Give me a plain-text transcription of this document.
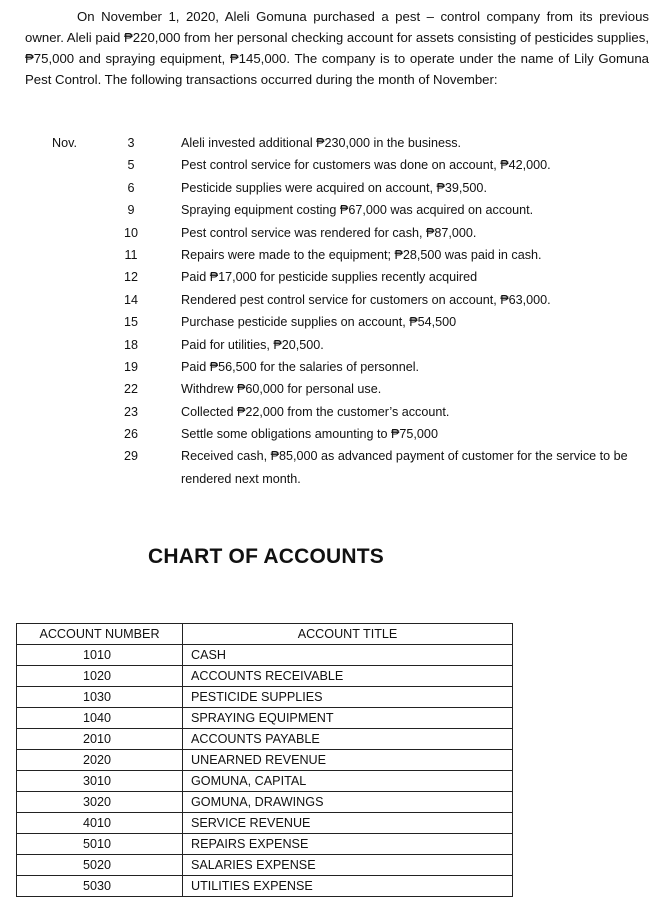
On November 1, 2020, Aleli Gomuna purchased a pest – control company from its previous owner. Aleli paid ₱220,000 from her personal checking account for assets consisting of pesticides supplies, ₱75,000 and spraying equipment, ₱145,000. The company is to operate under the name of Lily Gomuna Pest Control. The following transactions occurred during the month of November:

Nov.	3	Aleli invested additional ₱230,000 in the business.
5	Pest control service for customers was done on account, ₱42,000.
6	Pesticide supplies were acquired on account, ₱39,500.
9	Spraying equipment costing ₱67,000 was acquired on account.
10	Pest control service was rendered for cash, ₱87,000.
11	Repairs were made to the equipment; ₱28,500 was paid in cash.
12	Paid ₱17,000 for pesticide supplies recently acquired
14	Rendered pest control service for customers on account, ₱63,000.
15	Purchase pesticide supplies on account, ₱54,500
18	Paid for utilities, ₱20,500.
19	Paid ₱56,500 for the salaries of personnel.
22	Withdrew ₱60,000 for personal use.
23	Collected ₱22,000 from the customer’s account.
26	Settle some obligations amounting to ₱75,000
29	Received cash, ₱85,000 as advanced payment of customer for the service to be rendered next month.
CHART OF ACCOUNTS
ACCOUNT NUMBER	ACCOUNT TITLE
1010	CASH
1020	ACCOUNTS RECEIVABLE
1030	PESTICIDE SUPPLIES
1040	SPRAYING EQUIPMENT
2010	ACCOUNTS PAYABLE
2020	UNEARNED REVENUE
3010	GOMUNA, CAPITAL
3020	GOMUNA, DRAWINGS
4010	SERVICE REVENUE
5010	REPAIRS EXPENSE
5020	SALARIES EXPENSE
5030	UTILITIES EXPENSE
